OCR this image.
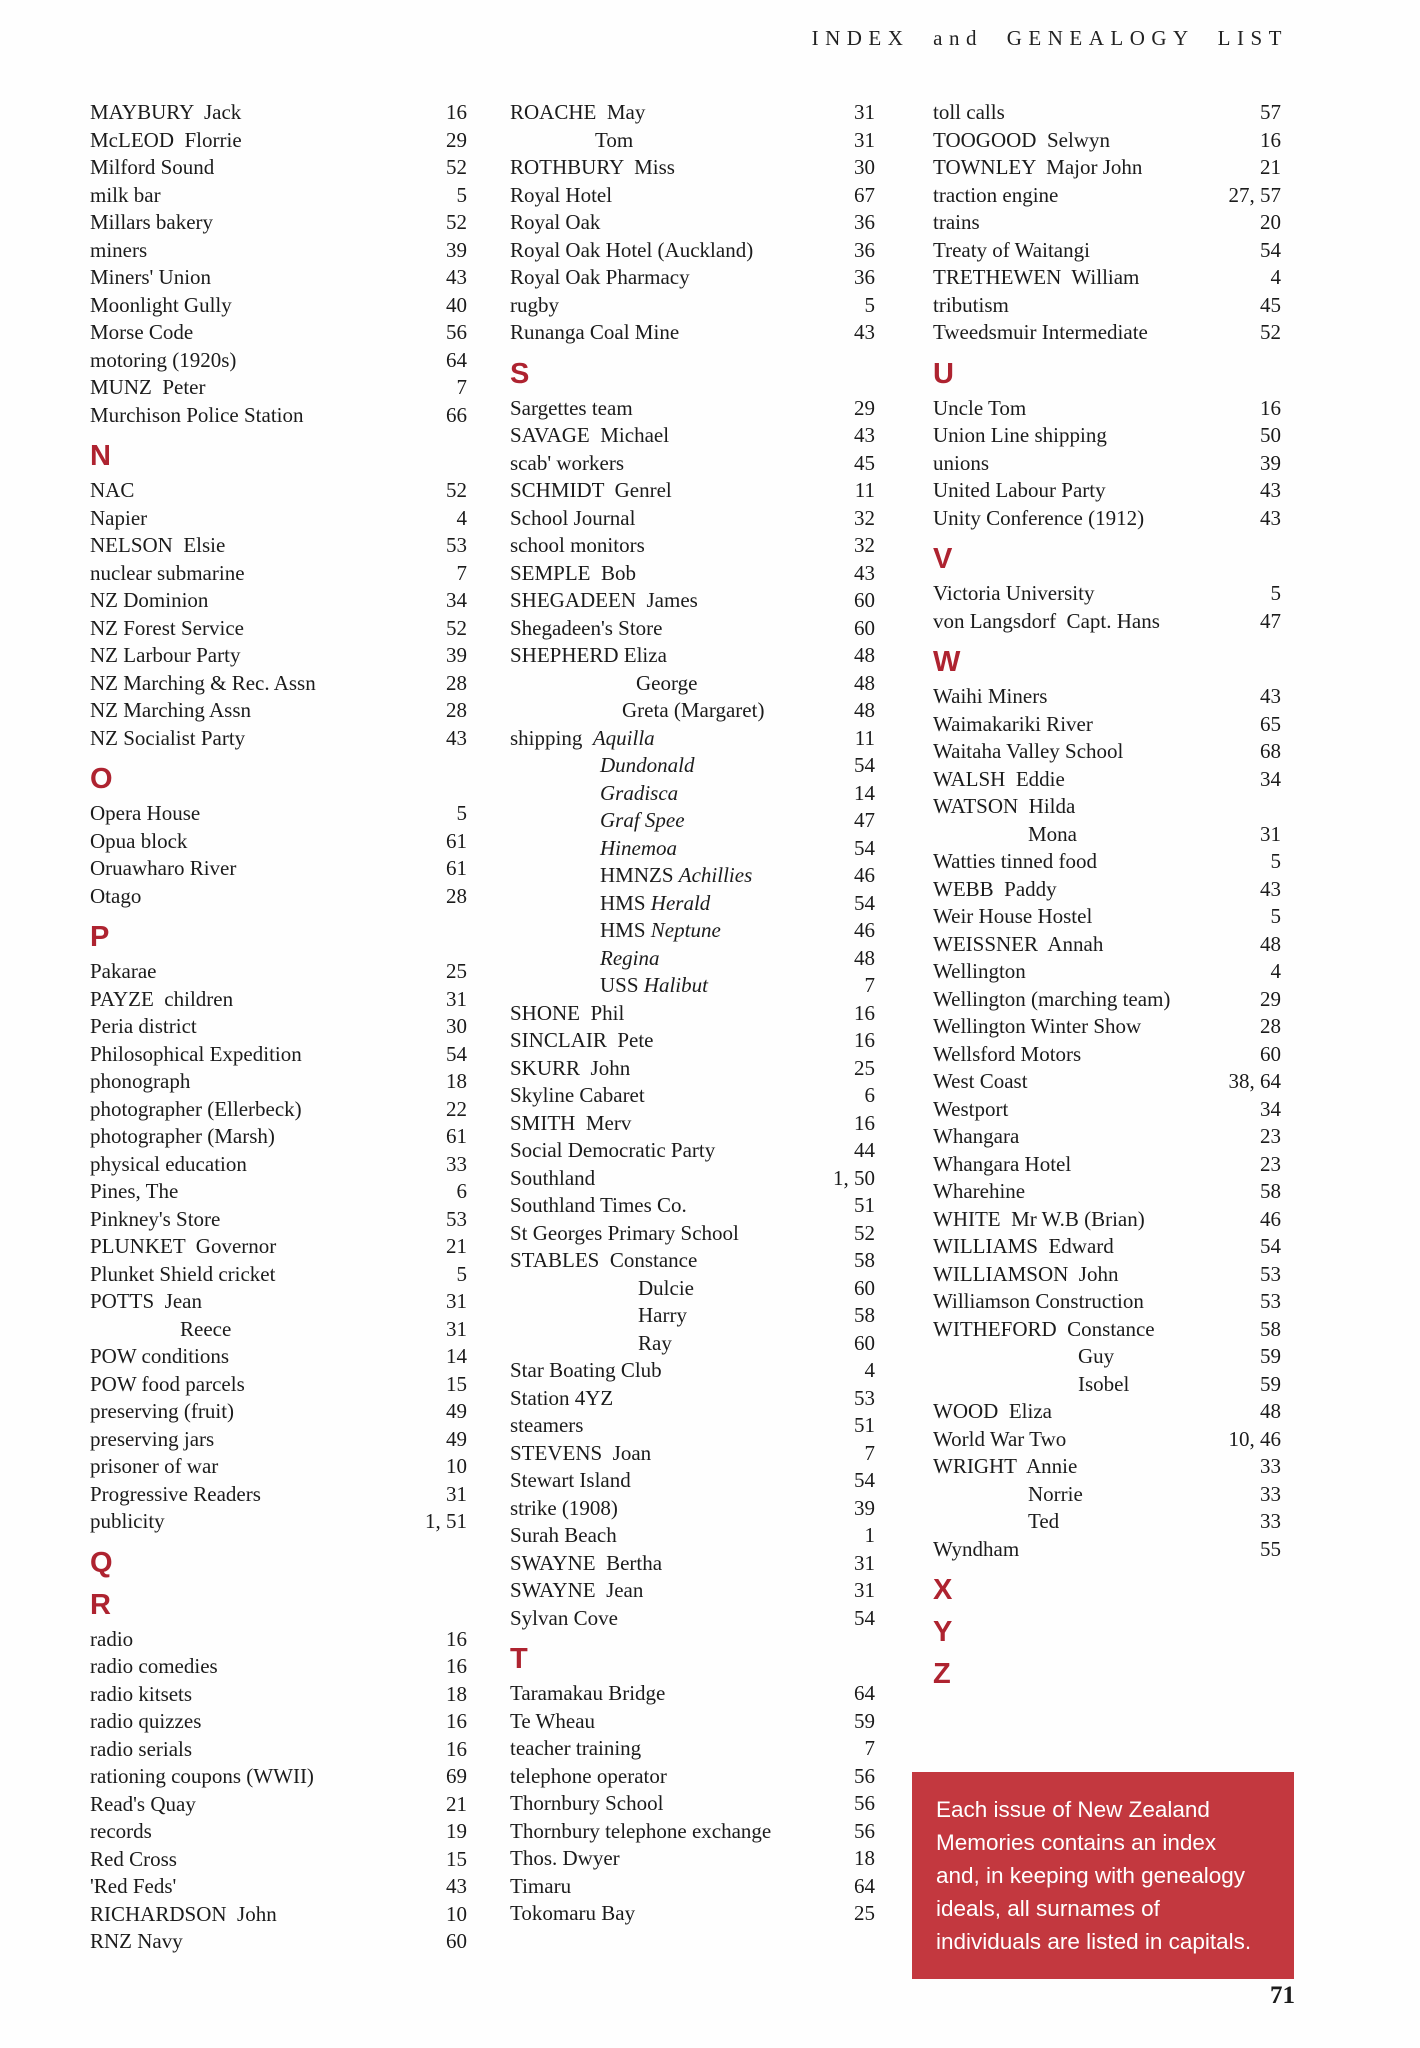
INDEX and GENEALOGY LIST
MAYBURY  Jack	16
McLEOD  Florrie	29
Milford Sound	52
milk bar	5
Millars bakery	52
miners	39
Miners' Union	43
Moonlight Gully	40
Morse Code	56
motoring (1920s)	64
MUNZ  Peter	7
Murchison Police Station	66
N
NAC	52
Napier	4
NELSON  Elsie	53
nuclear submarine	7
NZ Dominion	34
NZ Forest Service	52
NZ Larbour Party	39
NZ Marching & Rec. Assn	28
NZ Marching Assn	28
NZ Socialist Party	43
O
Opera House	5
Opua block	61
Oruawharo River	61
Otago	28
P
Pakarae	25
PAYZE  children	31
Peria district	30
Philosophical Expedition	54
phonograph	18
photographer (Ellerbeck)	22
photographer (Marsh)	61
physical education	33
Pines, The	6
Pinkney's Store	53
PLUNKET  Governor	21
Plunket Shield cricket	5
POTTS  Jean	31
Reece	31
POW conditions	14
POW food parcels	15
preserving (fruit)	49
preserving jars	49
prisoner of war	10
Progressive Readers	31
publicity	1, 51
Q
R
radio	16
radio comedies	16
radio kitsets	18
radio quizzes	16
radio serials	16
rationing coupons (WWII)	69
Read's Quay	21
records	19
Red Cross	15
'Red Feds'	43
RICHARDSON  John	10
RNZ Navy	60
ROACHE  May	31
Tom	31
ROTHBURY  Miss	30
Royal Hotel	67
Royal Oak	36
Royal Oak Hotel (Auckland)	36
Royal Oak Pharmacy	36
rugby	5
Runanga Coal Mine	43
S
Sargettes team	29
SAVAGE  Michael	43
scab' workers	45
SCHMIDT  Genrel	11
School Journal	32
school monitors	32
SEMPLE  Bob	43
SHEGADEEN  James	60
Shegadeen's Store	60
SHEPHERD Eliza	48
George	48
Greta (Margaret)	48
shipping  Aquilla	11
Dundonald	54
Gradisca	14
Graf Spee	47
Hinemoa	54
HMNZS Achillies	46
HMS Herald	54
HMS Neptune	46
Regina	48
USS Halibut	7
SHONE  Phil	16
SINCLAIR  Pete	16
SKURR  John	25
Skyline Cabaret	6
SMITH  Merv	16
Social Democratic Party	44
Southland	1, 50
Southland Times Co.	51
St Georges Primary School	52
STABLES  Constance	58
Dulcie	60
Harry	58
Ray	60
Star Boating Club	4
Station 4YZ	53
steamers	51
STEVENS  Joan	7
Stewart Island	54
strike (1908)	39
Surah Beach	1
SWAYNE  Bertha	31
SWAYNE  Jean	31
Sylvan Cove	54
T
Taramakau Bridge	64
Te Wheau	59
teacher training	7
telephone operator	56
Thornbury School	56
Thornbury telephone exchange	56
Thos. Dwyer	18
Timaru	64
Tokomaru Bay	25
toll calls	57
TOOGOOD  Selwyn	16
TOWNLEY  Major John	21
traction engine	27, 57
trains	20
Treaty of Waitangi	54
TRETHEWEN  William	4
tributism	45
Tweedsmuir Intermediate	52
U
Uncle Tom	16
Union Line shipping	50
unions	39
United Labour Party	43
Unity Conference (1912)	43
V
Victoria University	5
von Langsdorf  Capt. Hans	47
W
Waihi Miners	43
Waimakariki River	65
Waitaha Valley School	68
WALSH  Eddie	34
WATSON  Hilda
Mona	31
Watties tinned food	5
WEBB  Paddy	43
Weir House Hostel	5
WEISSNER  Annah	48
Wellington	4
Wellington (marching team)	29
Wellington Winter Show	28
Wellsford Motors	60
West Coast	38, 64
Westport	34
Whangara	23
Whangara Hotel	23
Wharehine	58
WHITE  Mr W.B (Brian)	46
WILLIAMS  Edward	54
WILLIAMSON  John	53
Williamson Construction	53
WITHEFORD  Constance	58
Guy	59
Isobel	59
WOOD  Eliza	48
World War Two	10, 46
WRIGHT  Annie	33
Norrie	33
Ted	33
Wyndham	55
X
Y
Z
Each issue of New Zealand
Memories contains an index
and, in keeping with genealogy
ideals, all surnames of
individuals are listed in capitals.
71
